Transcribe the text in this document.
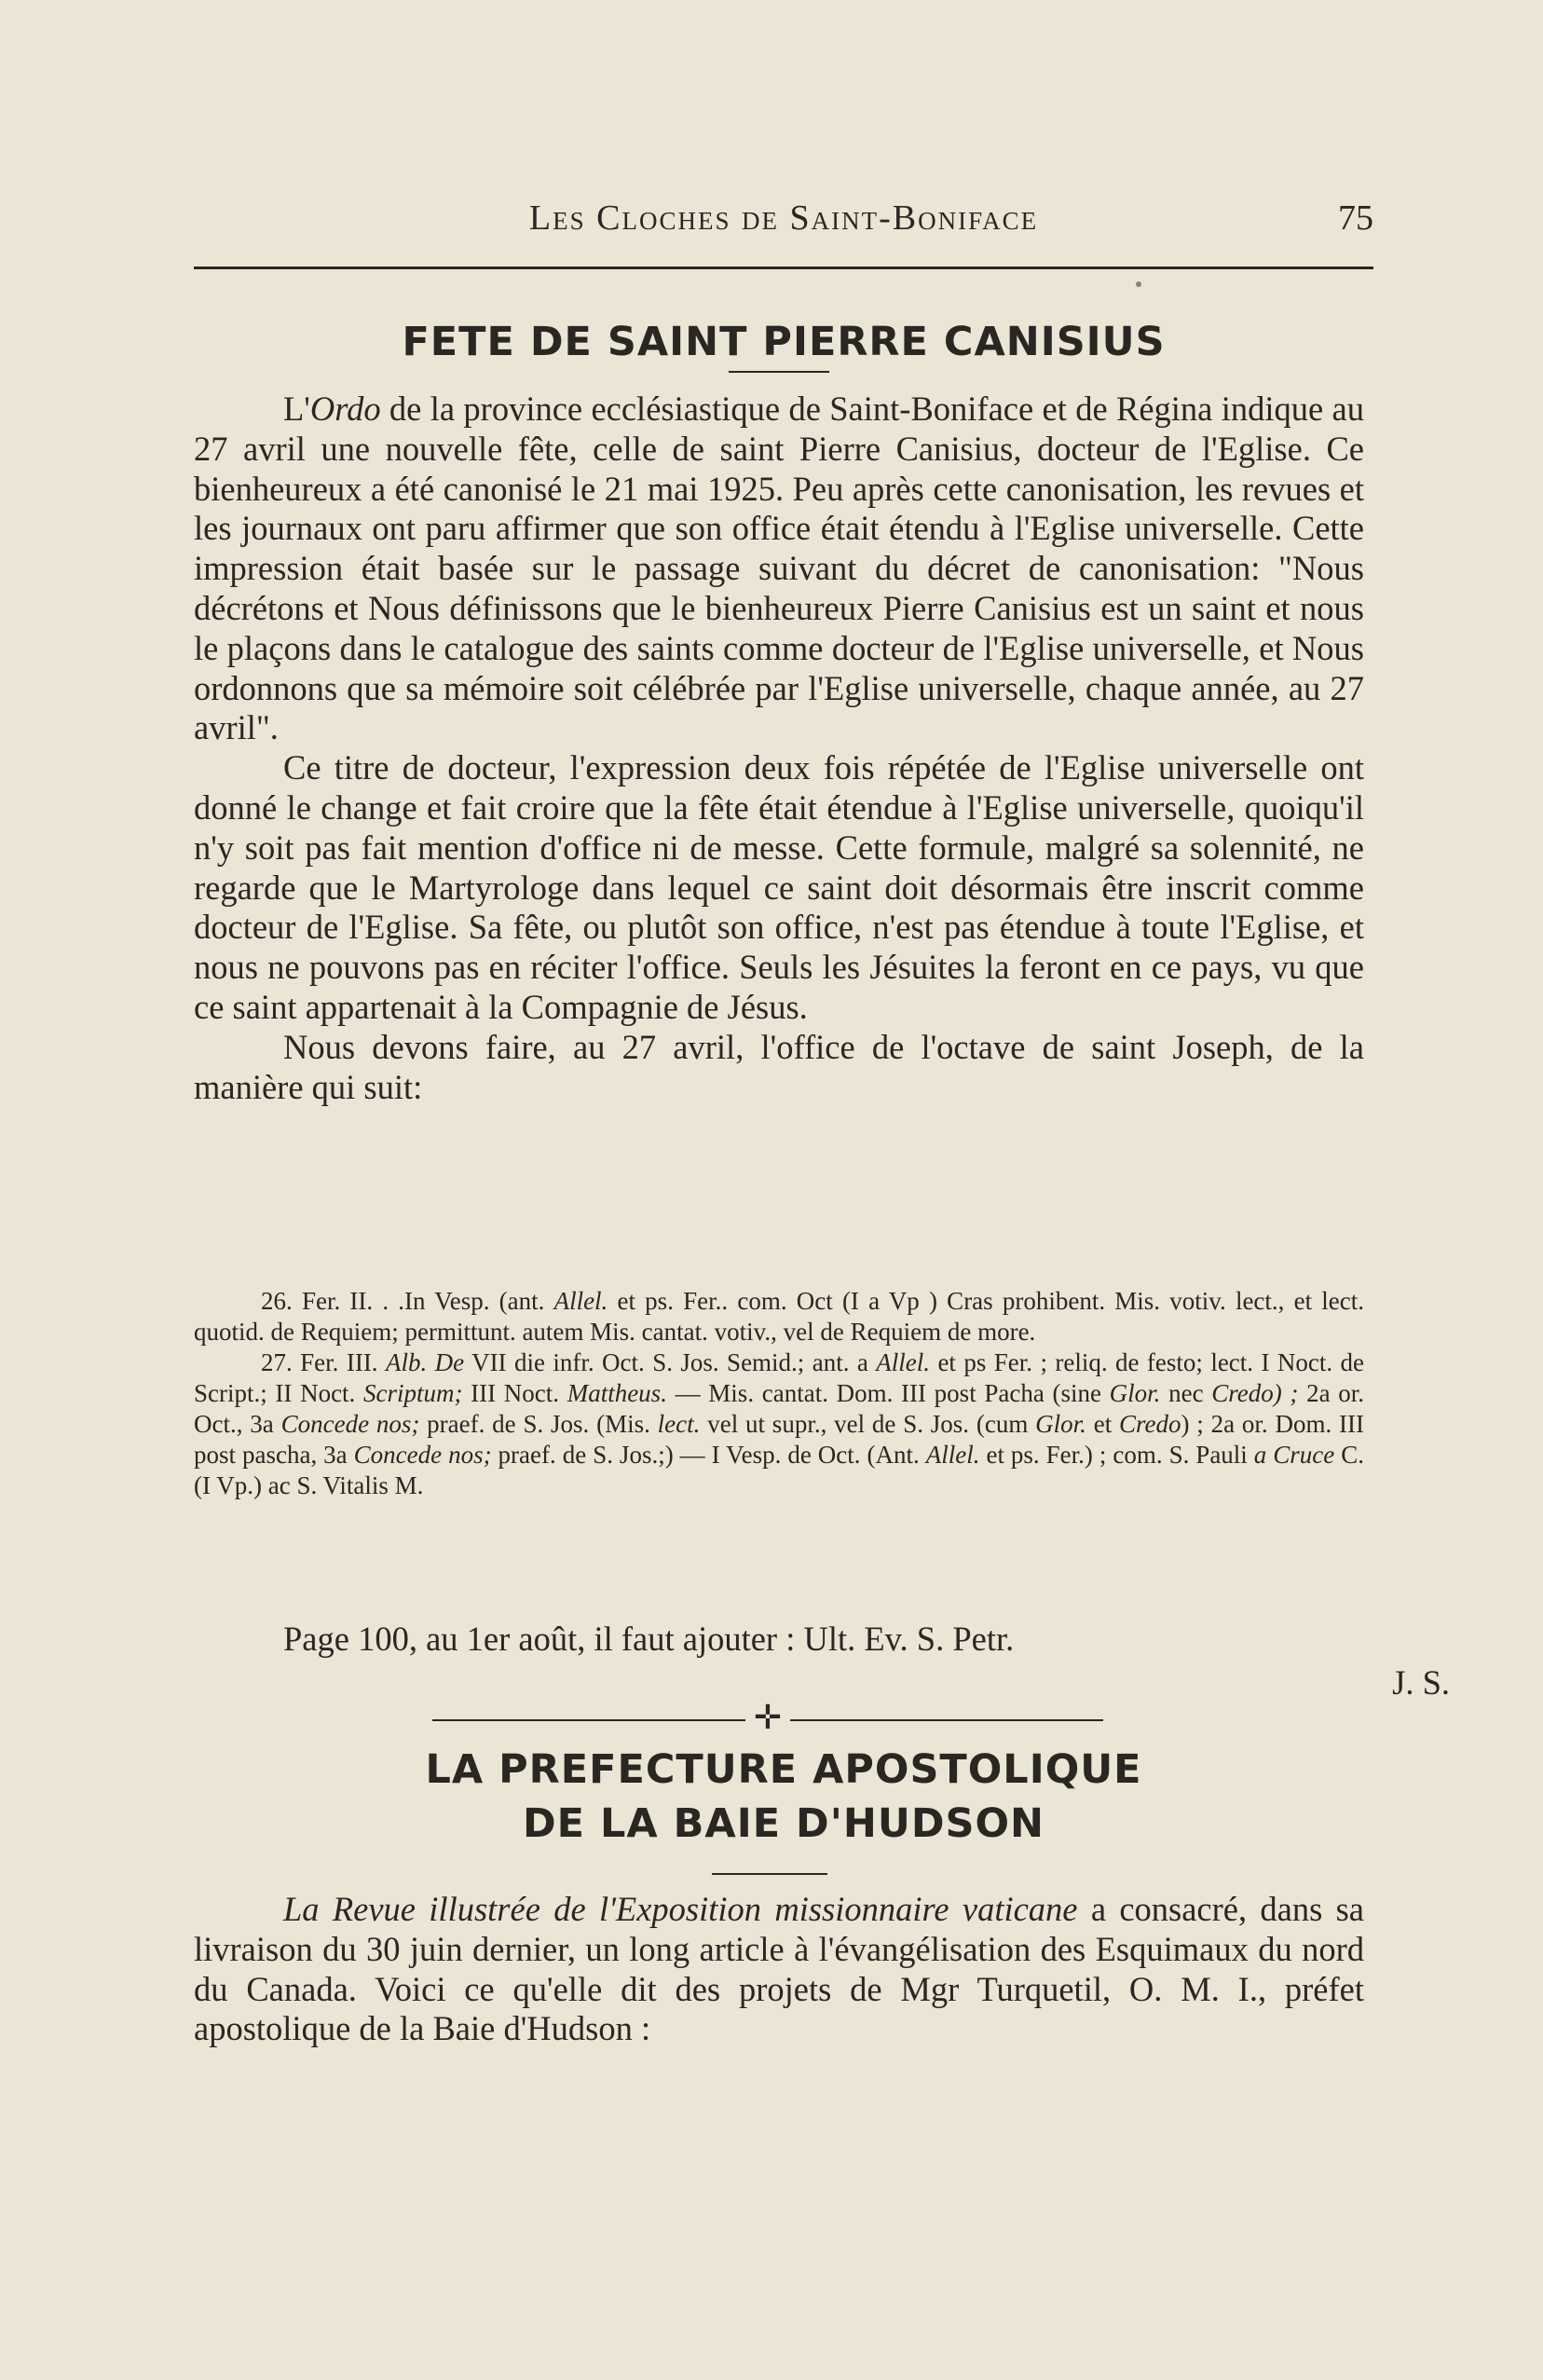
Les Cloches de Saint-Boniface	75
FETE DE SAINT PIERRE CANISIUS

L'Ordo de la province ecclésiastique de Saint-Boniface et de Régina indique au 27 avril une nouvelle fête, celle de saint Pierre Canisius, docteur de l'Eglise. Ce bienheureux a été canonisé le 21 mai 1925. Peu après cette canonisation, les revues et les journaux ont paru affirmer que son office était étendu à l'Eglise universelle. Cette impression était basée sur le passage suivant du décret de canonisation: "Nous décrétons et Nous définissons que le bienheureux Pierre Canisius est un saint et nous le plaçons dans le catalogue des saints comme docteur de l'Eglise universelle, et Nous ordonnons que sa mémoire soit célébrée par l'Eglise universelle, chaque année, au 27 avril".

Ce titre de docteur, l'expression deux fois répétée de l'Eglise universelle ont donné le change et fait croire que la fête était étendue à l'Eglise universelle, quoiqu'il n'y soit pas fait mention d'office ni de messe. Cette formule, malgré sa solennité, ne regarde que le Martyrologe dans lequel ce saint doit désormais être inscrit comme docteur de l'Eglise. Sa fête, ou plutôt son office, n'est pas étendue à toute l'Eglise, et nous ne pouvons pas en réciter l'office. Seuls les Jésuites la feront en ce pays, vu que ce saint appartenait à la Compagnie de Jésus.

Nous devons faire, au 27 avril, l'office de l'octave de saint Joseph, de la manière qui suit:

26. Fer. II. . .In Vesp. (ant. Allel. et ps. Fer.. com. Oct (I a Vp ) Cras prohibent. Mis. votiv. lect., et lect. quotid. de Requiem; permittunt. autem Mis. cantat. votiv., vel de Requiem de more.

27. Fer. III. Alb. De VII die infr. Oct. S. Jos. Semid.; ant. a Allel. et ps Fer. ; reliq. de festo; lect. I Noct. de Script.; II Noct. Scriptum; III Noct. Mattheus. — Mis. cantat. Dom. III post Pacha (sine Glor. nec Credo) ; 2a or. Oct., 3a Concede nos; praef. de S. Jos. (Mis. lect. vel ut supr., vel de S. Jos. (cum Glor. et Credo) ; 2a or. Dom. III post pascha, 3a Concede nos; praef. de S. Jos.;) — I Vesp. de Oct. (Ant. Allel. et ps. Fer.) ; com. S. Pauli a Cruce C. (I Vp.) ac S. Vitalis M.

Page 100, au 1er août, il faut ajouter : Ult. Ev. S. Petr.

J. S.
✛
LA PREFECTURE APOSTOLIQUE
DE LA BAIE D'HUDSON

La Revue illustrée de l'Exposition missionnaire vaticane a consacré, dans sa livraison du 30 juin dernier, un long article à l'évangélisation des Esquimaux du nord du Canada. Voici ce qu'elle dit des projets de Mgr Turquetil, O. M. I., préfet apostolique de la Baie d'Hudson :
